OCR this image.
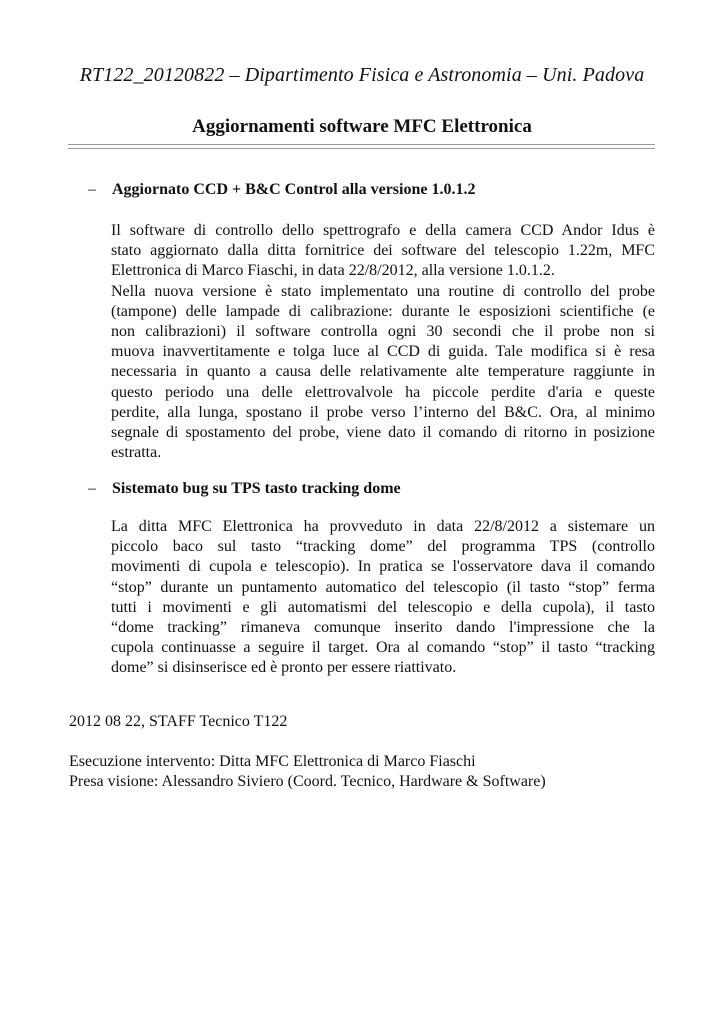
RT122_20120822 – Dipartimento Fisica e Astronomia – Uni. Padova
Aggiornamenti software MFC Elettronica
– Aggiornato CCD + B&C Control alla versione 1.0.1.2
Il software di controllo dello spettrografo e della camera CCD Andor Idus è
stato aggiornato dalla ditta fornitrice dei software del telescopio 1.22m, MFC
Elettronica di Marco Fiaschi, in data 22/8/2012, alla versione 1.0.1.2.
Nella nuova versione è stato implementato una routine di controllo del probe
(tampone) delle lampade di calibrazione: durante le esposizioni scientifiche (e
non calibrazioni) il software controlla ogni 30 secondi che il probe non si
muova inavvertitamente e tolga luce al CCD di guida. Tale modifica si è resa
necessaria in quanto a causa delle relativamente alte temperature raggiunte in
questo periodo una delle elettrovalvole ha piccole perdite d'aria e queste
perdite, alla lunga, spostano il probe verso l’interno del B&C. Ora, al minimo
segnale di spostamento del probe, viene dato il comando di ritorno in posizione
estratta.
– Sistemato bug su TPS tasto tracking dome
La ditta MFC Elettronica ha provveduto in data 22/8/2012 a sistemare un
piccolo baco sul tasto “tracking dome” del programma TPS (controllo
movimenti di cupola e telescopio). In pratica se l'osservatore dava il comando
“stop” durante un puntamento automatico del telescopio (il tasto “stop” ferma
tutti i movimenti e gli automatismi del telescopio e della cupola), il tasto
“dome tracking” rimaneva comunque inserito dando l'impressione che la
cupola continuasse a seguire il target. Ora al comando “stop” il tasto “tracking
dome” si disinserisce ed è pronto per essere riattivato.
2012 08 22, STAFF Tecnico T122
Esecuzione intervento: Ditta MFC Elettronica di Marco Fiaschi
Presa visione: Alessandro Siviero (Coord. Tecnico, Hardware & Software)
